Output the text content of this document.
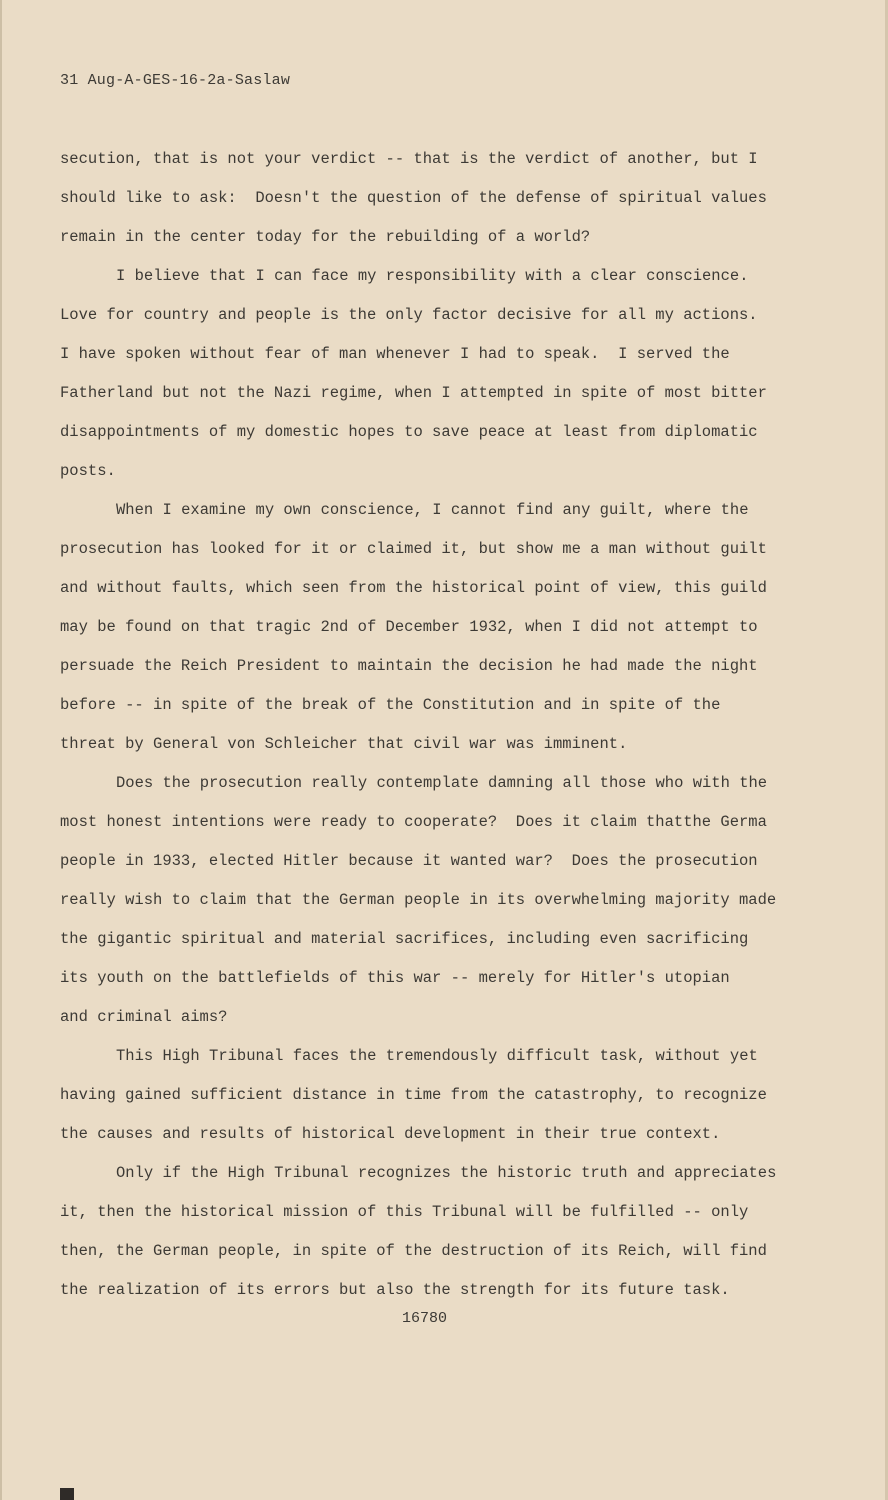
31 Aug-A-GES-16-2a-Saslaw
secution, that is not your verdict -- that is the verdict of another, but I
should like to ask:  Doesn't the question of the defense of spiritual values
remain in the center today for the rebuilding of a world?
I believe that I can face my responsibility with a clear conscience.
Love for country and people is the only factor decisive for all my actions.
I have spoken without fear of man whenever I had to speak.  I served the
Fatherland but not the Nazi regime, when I attempted in spite of most bitter
disappointments of my domestic hopes to save peace at least from diplomatic
posts.
When I examine my own conscience, I cannot find any guilt, where the
prosecution has looked for it or claimed it, but show me a man without guilt
and without faults, which seen from the historical point of view, this guild
may be found on that tragic 2nd of December 1932, when I did not attempt to
persuade the Reich President to maintain the decision he had made the night
before -- in spite of the break of the Constitution and in spite of the
threat by General von Schleicher that civil war was imminent.
Does the prosecution really contemplate damning all those who with the
most honest intentions were ready to cooperate?  Does it claim thatthe Germa
people in 1933, elected Hitler because it wanted war?  Does the prosecution
really wish to claim that the German people in its overwhelming majority made
the gigantic spiritual and material sacrifices, including even sacrificing
its youth on the battlefields of this war -- merely for Hitler's utopian
and criminal aims?
This High Tribunal faces the tremendously difficult task, without yet
having gained sufficient distance in time from the catastrophy, to recognize
the causes and results of historical development in their true context.
Only if the High Tribunal recognizes the historic truth and appreciates
it, then the historical mission of this Tribunal will be fulfilled -- only
then, the German people, in spite of the destruction of its Reich, will find
the realization of its errors but also the strength for its future task.
16780
